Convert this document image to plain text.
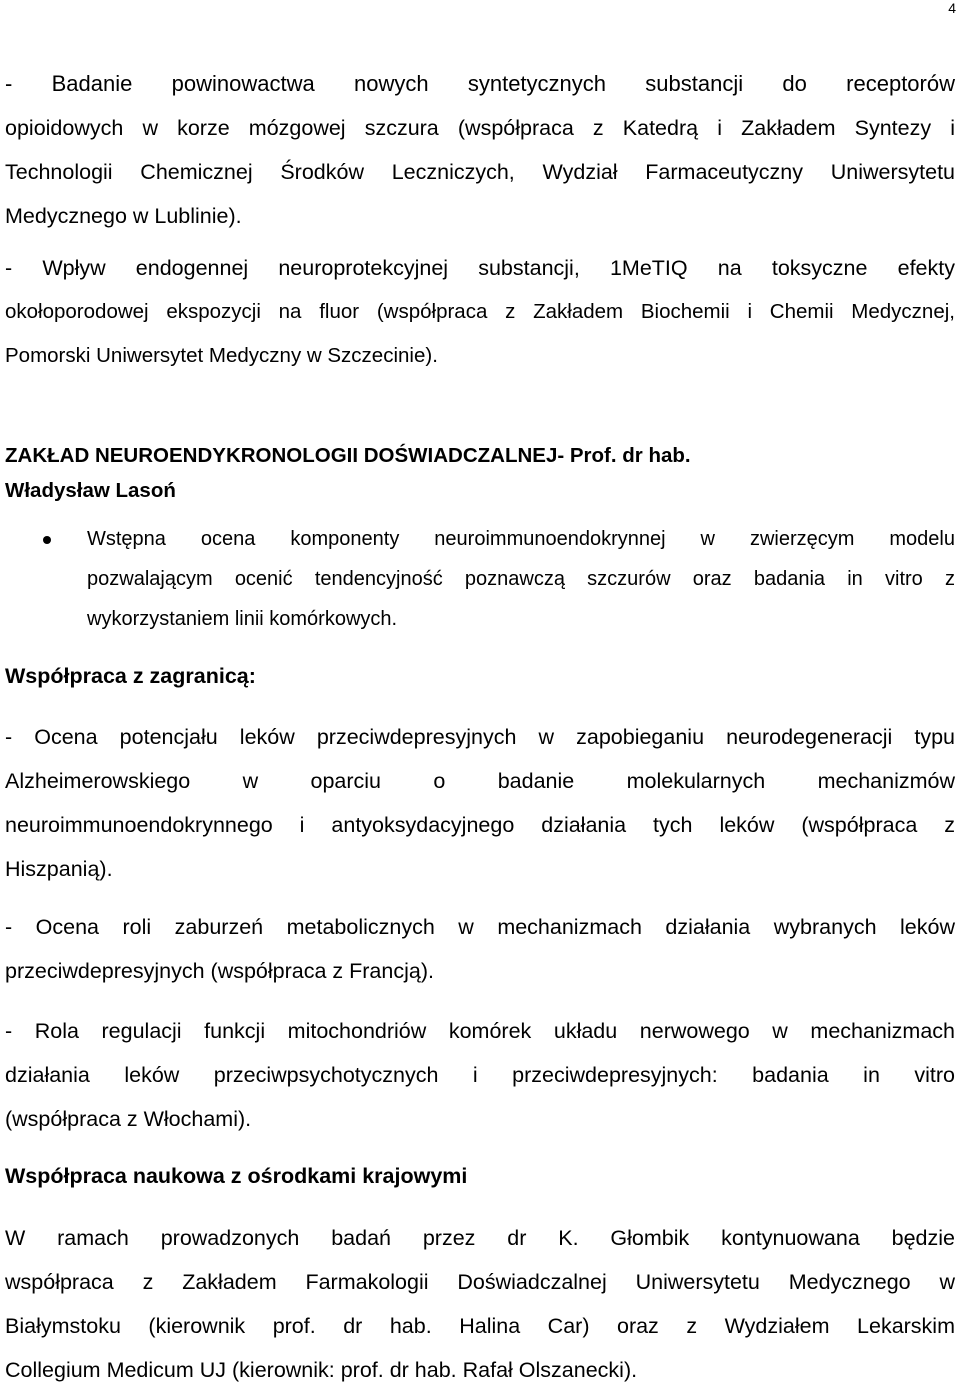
4
- Badanie powinowactwa nowych syntetycznych substancji do receptorów
opioidowych w korze mózgowej szczura (współpraca z Katedrą i Zakładem Syntezy i
Technologii Chemicznej Środków Leczniczych, Wydział Farmaceutyczny Uniwersytetu
Medycznego w Lublinie).
- Wpływ endogennej neuroprotekcyjnej substancji, 1MeTIQ na toksyczne efekty
okołoporodowej ekspozycji na fluor (współpraca z Zakładem Biochemii i Chemii Medycznej,
Pomorski Uniwersytet Medyczny w Szczecinie).
ZAKŁAD NEUROENDYKRONOLOGII DOŚWIADCZALNEJ- Prof. dr hab.
Władysław Lasoń
Wstępna ocena komponenty neuroimmunoendokrynnej w zwierzęcym modelu
pozwalającym ocenić tendencyjność poznawczą szczurów oraz badania in vitro z
wykorzystaniem linii komórkowych.
Współpraca z zagranicą:
- Ocena potencjału leków przeciwdepresyjnych w zapobieganiu neurodegeneracji typu
Alzheimerowskiego w oparciu o badanie molekularnych mechanizmów
neuroimmunoendokrynnego i antyoksydacyjnego działania tych leków (współpraca z
Hiszpanią).
- Ocena roli zaburzeń metabolicznych w mechanizmach działania wybranych leków
przeciwdepresyjnych (współpraca z Francją).
- Rola regulacji funkcji mitochondriów komórek układu nerwowego w mechanizmach
działania leków przeciwpsychotycznych i przeciwdepresyjnych: badania in vitro
(współpraca z Włochami).
Współpraca naukowa z ośrodkami krajowymi
W ramach prowadzonych badań przez dr K. Głombik kontynuowana będzie
współpraca z Zakładem Farmakologii Doświadczalnej Uniwersytetu Medycznego w
Białymstoku (kierownik prof. dr hab. Halina Car) oraz z Wydziałem Lekarskim
Collegium Medicum UJ (kierownik: prof. dr hab. Rafał Olszanecki).
